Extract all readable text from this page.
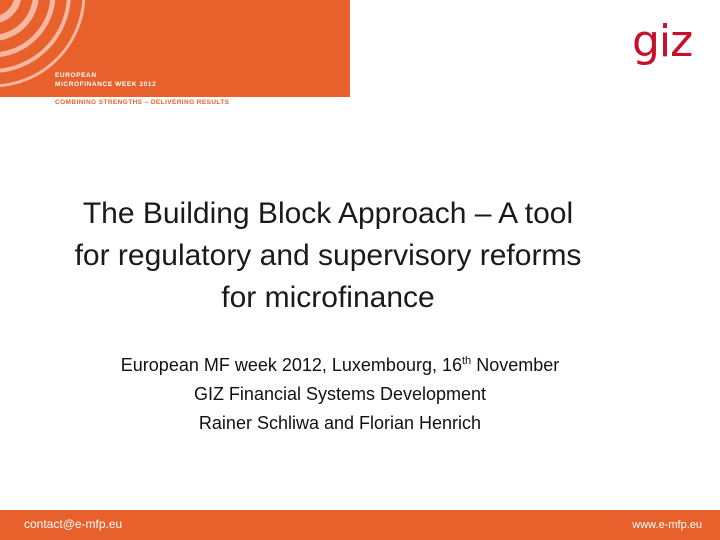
EUROPEAN
MICROFINANCE WEEK 2012
COMBINING STRENGTHS – DELIVERING RESULTS
giz
The Building Block Approach – A tool
for regulatory and supervisory reforms
for microfinance
European MF week 2012, Luxembourg, 16th November
GIZ Financial Systems Development
Rainer Schliwa and Florian Henrich
contact@e-mfp.eu	www.e-mfp.eu
